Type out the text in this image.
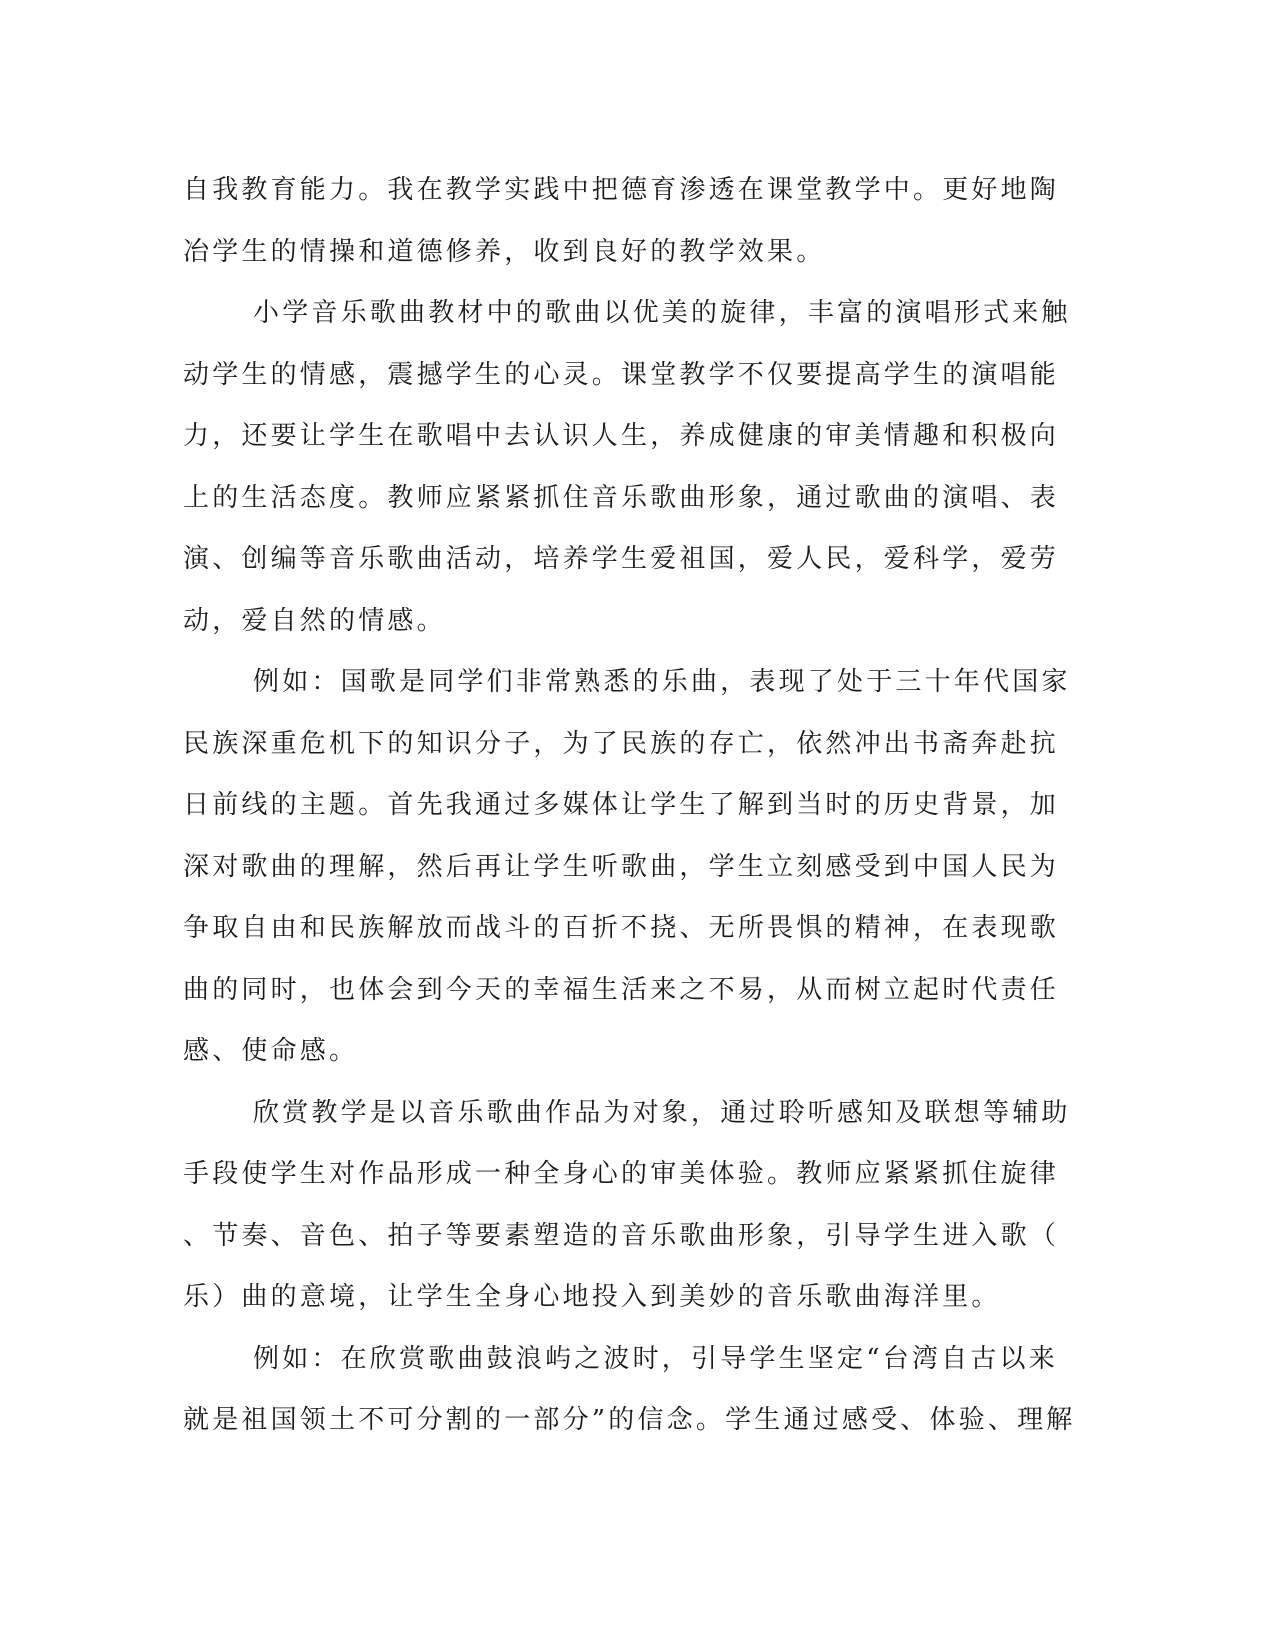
自我教育能力。我在教学实践中把德育渗透在课堂教学中。更好地陶
冶学生的情操和道德修养，收到良好的教学效果。
小学音乐歌曲教材中的歌曲以优美的旋律，丰富的演唱形式来触
动学生的情感，震撼学生的心灵。课堂教学不仅要提高学生的演唱能
力，还要让学生在歌唱中去认识人生，养成健康的审美情趣和积极向
上的生活态度。教师应紧紧抓住音乐歌曲形象，通过歌曲的演唱、表
演、创编等音乐歌曲活动，培养学生爱祖国，爱人民，爱科学，爱劳
动，爱自然的情感。
例如：国歌是同学们非常熟悉的乐曲，表现了处于三十年代国家
民族深重危机下的知识分子，为了民族的存亡，依然冲出书斋奔赴抗
日前线的主题。首先我通过多媒体让学生了解到当时的历史背景，加
深对歌曲的理解，然后再让学生听歌曲，学生立刻感受到中国人民为
争取自由和民族解放而战斗的百折不挠、无所畏惧的精神，在表现歌
曲的同时，也体会到今天的幸福生活来之不易，从而树立起时代责任
感、使命感。
欣赏教学是以音乐歌曲作品为对象，通过聆听感知及联想等辅助
手段使学生对作品形成一种全身心的审美体验。教师应紧紧抓住旋律
、节奏、音色、拍子等要素塑造的音乐歌曲形象，引导学生进入歌（
乐）曲的意境，让学生全身心地投入到美妙的音乐歌曲海洋里。
例如：在欣赏歌曲鼓浪屿之波时，引导学生坚定“台湾自古以来
就是祖国领土不可分割的一部分”的信念。学生通过感受、体验、理解
